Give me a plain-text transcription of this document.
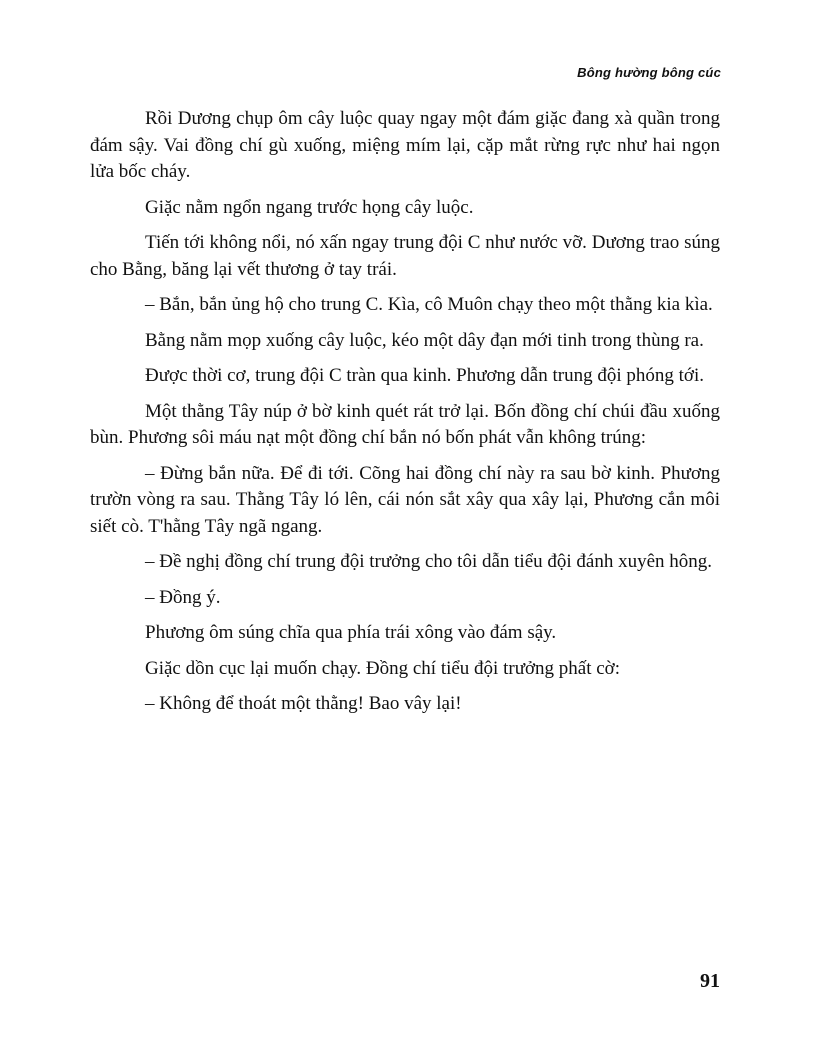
Bông hường bông cúc

Rồi Dương chụp ôm cây luộc quay ngay một đám giặc đang xà quần trong đám sậy. Vai đồng chí gù xuống, miệng mím lại, cặp mắt rừng rực như hai ngọn lửa bốc cháy.

Giặc nằm ngổn ngang trước họng cây luộc.

Tiến tới không nổi, nó xấn ngay trung đội C như nước vỡ. Dương trao súng cho Bằng, băng lại vết thương ở tay trái.

– Bắn, bắn ủng hộ cho trung C. Kìa, cô Muôn chạy theo một thằng kia kìa.

Bằng nằm mọp xuống cây luộc, kéo một dây đạn mới tinh trong thùng ra.

Được thời cơ, trung đội C tràn qua kinh. Phương dẫn trung đội phóng tới.

Một thằng Tây núp ở bờ kinh quét rát trở lại. Bốn đồng chí chúi đầu xuống bùn. Phương sôi máu nạt một đồng chí bắn nó bốn phát vẫn không trúng:

– Đừng bắn nữa. Để đi tới. Cõng hai đồng chí này ra sau bờ kinh. Phương trườn vòng ra sau. Thằng Tây ló lên, cái nón sắt xây qua xây lại, Phương cắn môi siết cò. T'hằng Tây ngã ngang.

– Đề nghị đồng chí trung đội trưởng cho tôi dẫn tiểu đội đánh xuyên hông.

– Đồng ý.

Phương ôm súng chĩa qua phía trái xông vào đám sậy.

Giặc dồn cục lại muốn chạy. Đồng chí tiểu đội trưởng phất cờ:

– Không để thoát một thằng! Bao vây lại!

91
